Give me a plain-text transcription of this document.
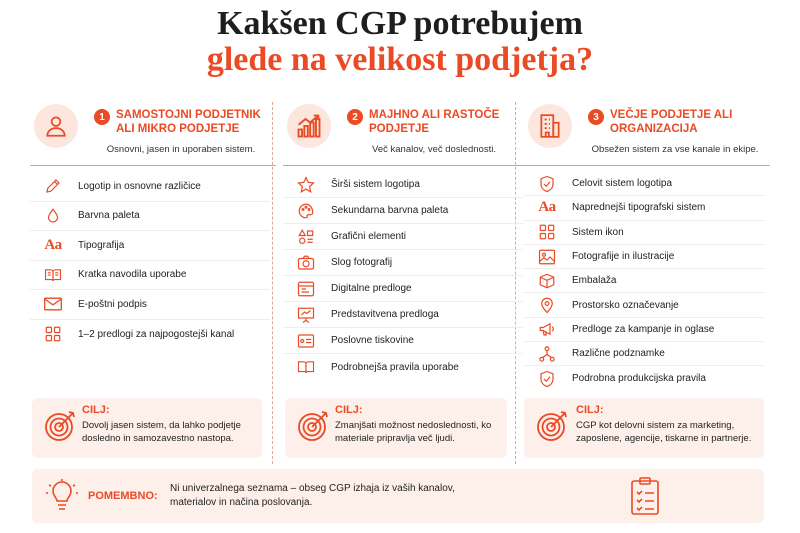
Kakšen CGP potrebujem
glede na velikost podjetja?
1 SAMOSTOJNI PODJETNIK ALI MIKRO PODJETJE
Osnovni, jasen in uporaben sistem.
Logotip in osnovne različice
Barvna paleta
Aa Tipografija
Kratka navodila uporabe
E-poštni podpis
1–2 predlogi za najpogostejši kanal
2 MAJHNO ALI RASTOČE PODJETJE
Več kanalov, več doslednosti.
Širši sistem logotipa
Sekundarna barvna paleta
Grafični elementi
Slog fotografij
Digitalne predloge
Predstavitvena predloga
Poslovne tiskovine
Podrobnejša pravila uporabe
3 VEČJE PODJETJE ALI ORGANIZACIJA
Obsežen sistem za vse kanale in ekipe.
Celovit sistem logotipa
Aa Naprednejši tipografski sistem
Sistem ikon
Fotografije in ilustracije
Embalaža
Prostorsko označevanje
Predloge za kampanje in oglase
Različne podznamke
Podrobna produkcijska pravila
CILJ:
Dovolj jasen sistem, da lahko podjetje dosledno in samozavestno nastopa.
CILJ:
Zmanjšati možnost nedoslednosti, ko materiale pripravlja več ljudi.
CILJ:
CGP kot delovni sistem za marketing, zaposlene, agencije, tiskarne in partnerje.
POMEMBNO:
Ni univerzalnega seznama – obseg CGP izhaja iz vaših kanalov, materialov in načina poslovanja.
